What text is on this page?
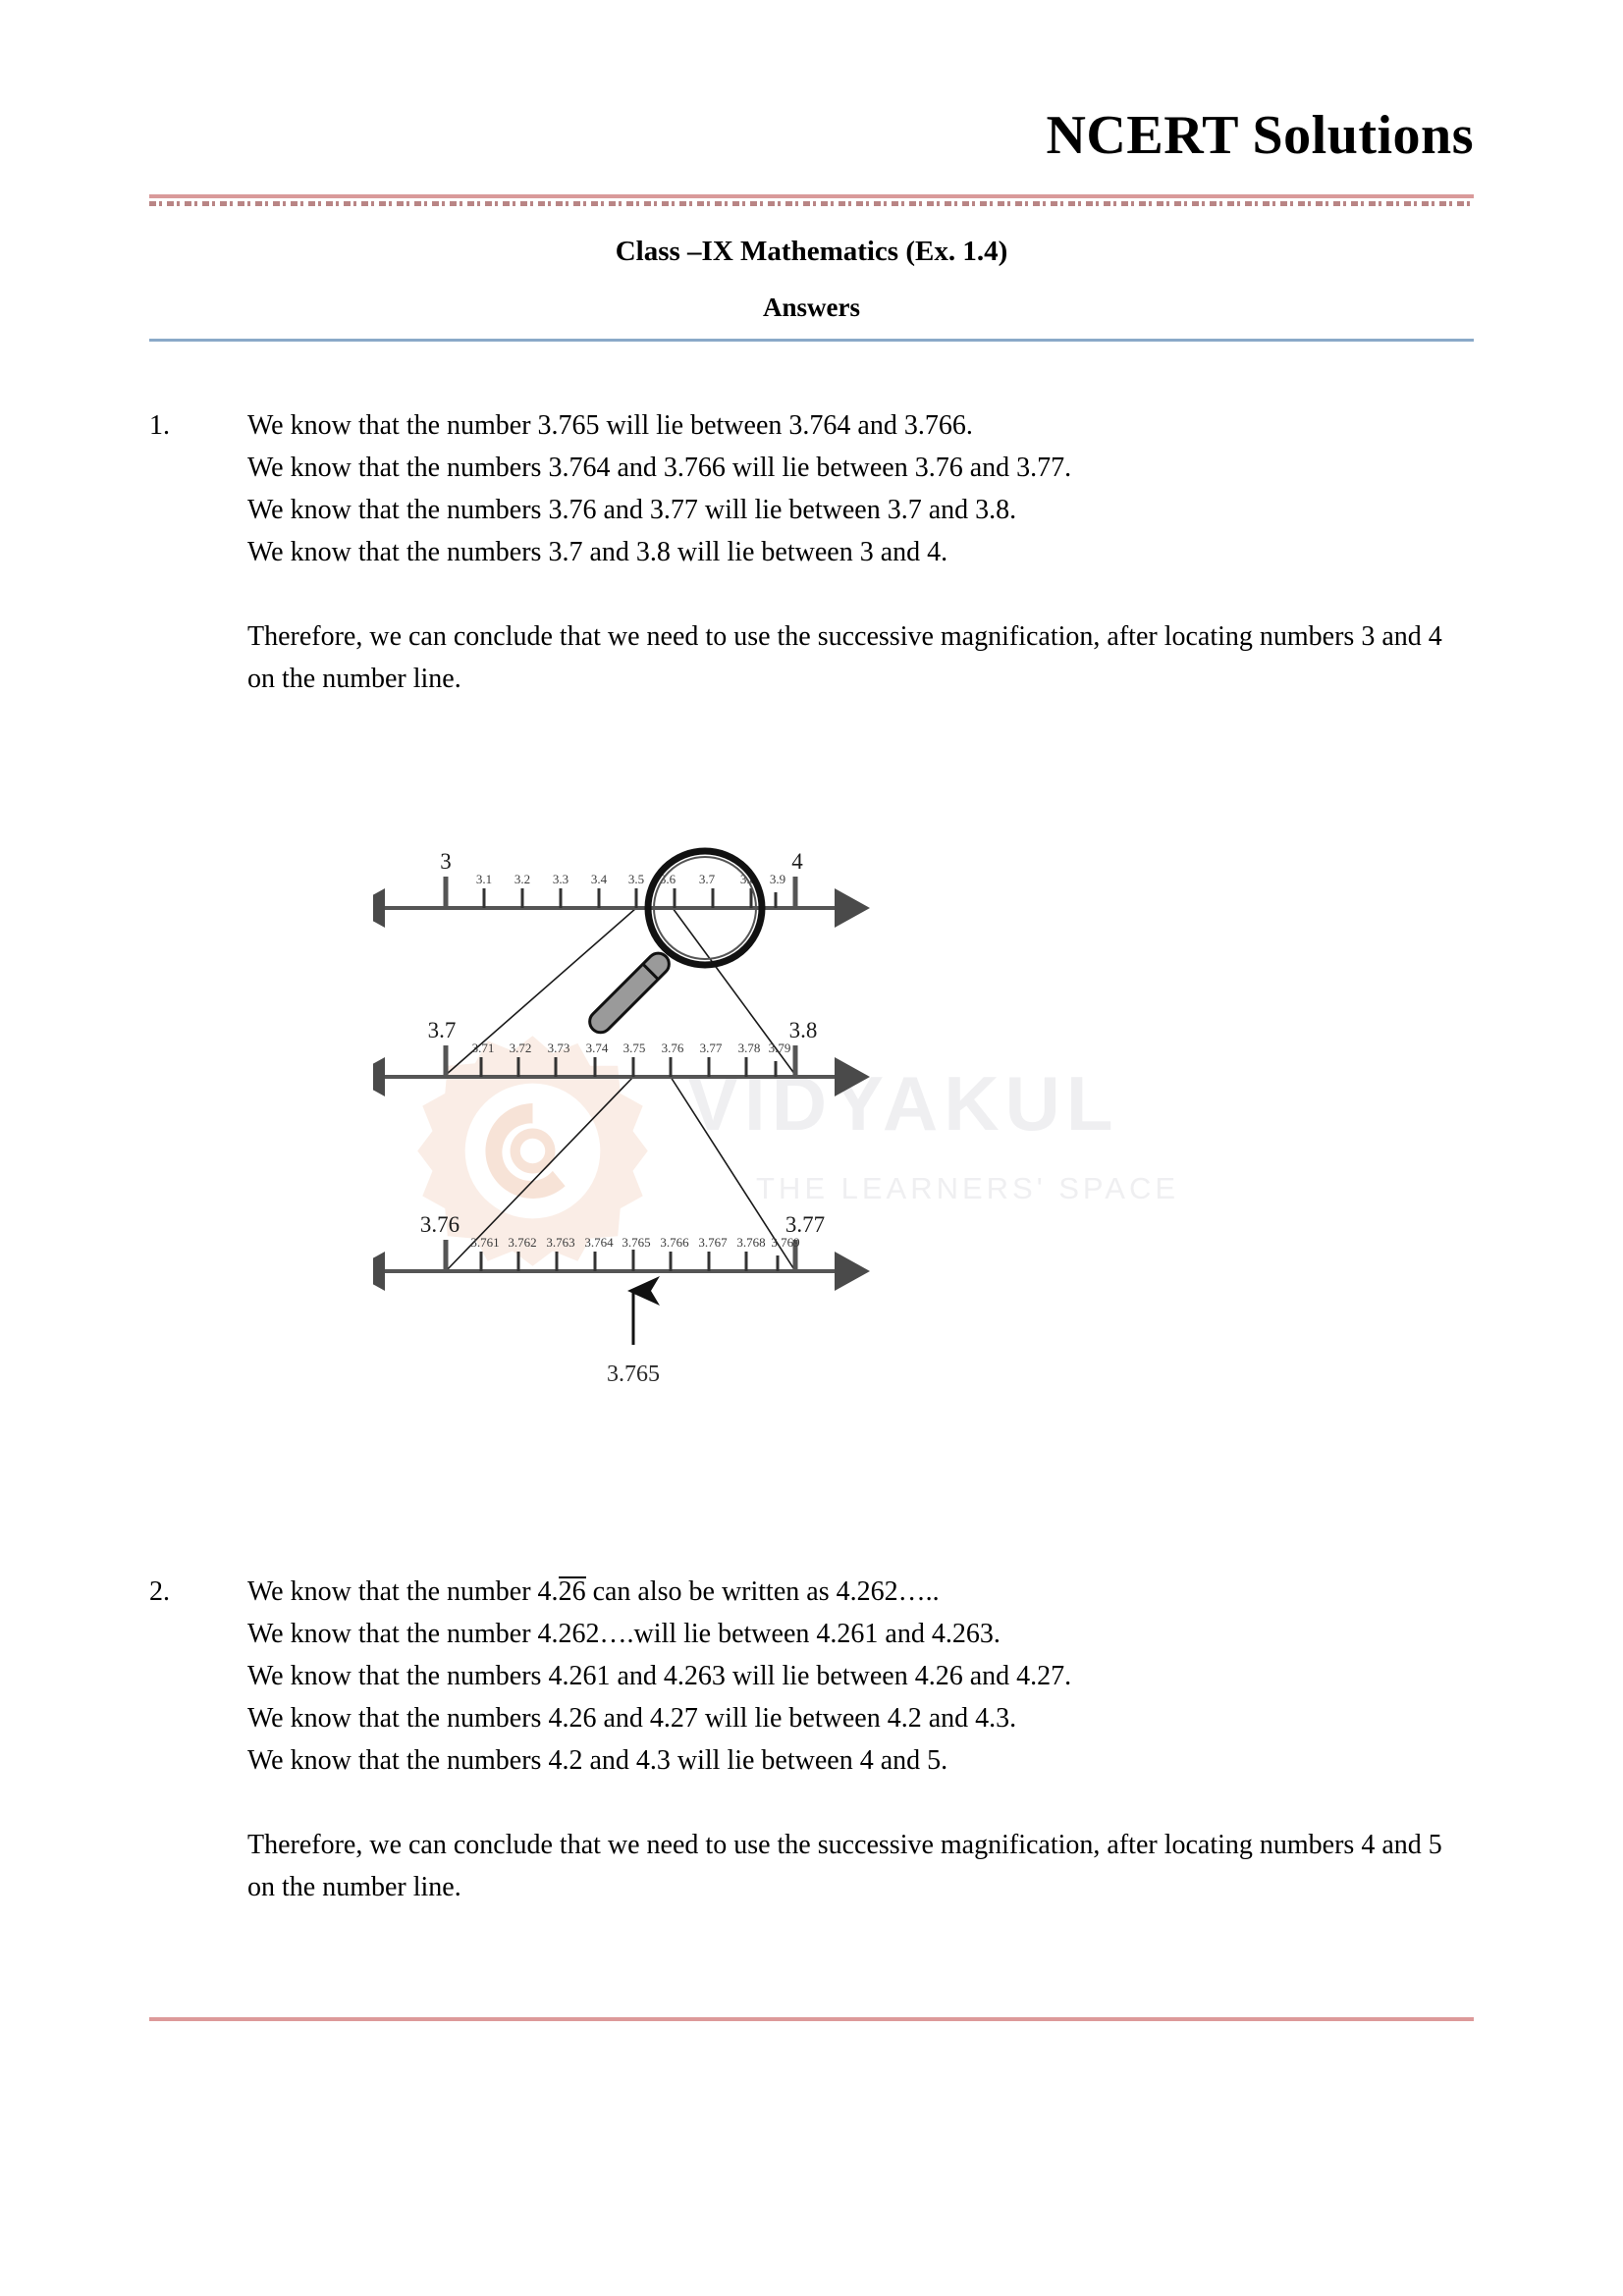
NCERT Solutions
Class –IX Mathematics (Ex. 1.4)
Answers
1.	We know that the number 3.765 will lie between 3.764 and 3.766.

We know that the numbers 3.764 and 3.766 will lie between 3.76 and 3.77.

We know that the numbers 3.76 and 3.77 will lie between 3.7 and 3.8.

We know that the numbers 3.7 and 3.8 will lie between 3 and 4.

Therefore, we can conclude that we need to use the successive magnification, after locating numbers 3 and 4 on the number line.

VIDYAKUL
THE LEARNERS' SPACE
3	4
3.1 3.2 3.3 3.4 3.5 3.6 3.7 3.8 3.9
3.7	3.8
3.71 3.72 3.73 3.74 3.75 3.76 3.77 3.78 3.79
3.76	3.77
3.761 3.762 3.763 3.764 3.765 3.766 3.767 3.768 3.769
3.765
2.	We know that the number 4.26 can also be written as 4.262…..

We know that the number 4.262….will lie between 4.261 and 4.263.

We know that the numbers 4.261 and 4.263 will lie between 4.26 and 4.27.

We know that the numbers 4.26 and 4.27 will lie between 4.2 and 4.3.

We know that the numbers 4.2 and 4.3 will lie between 4 and 5.

Therefore, we can conclude that we need to use the successive magnification, after locating numbers 4 and 5 on the number line.
